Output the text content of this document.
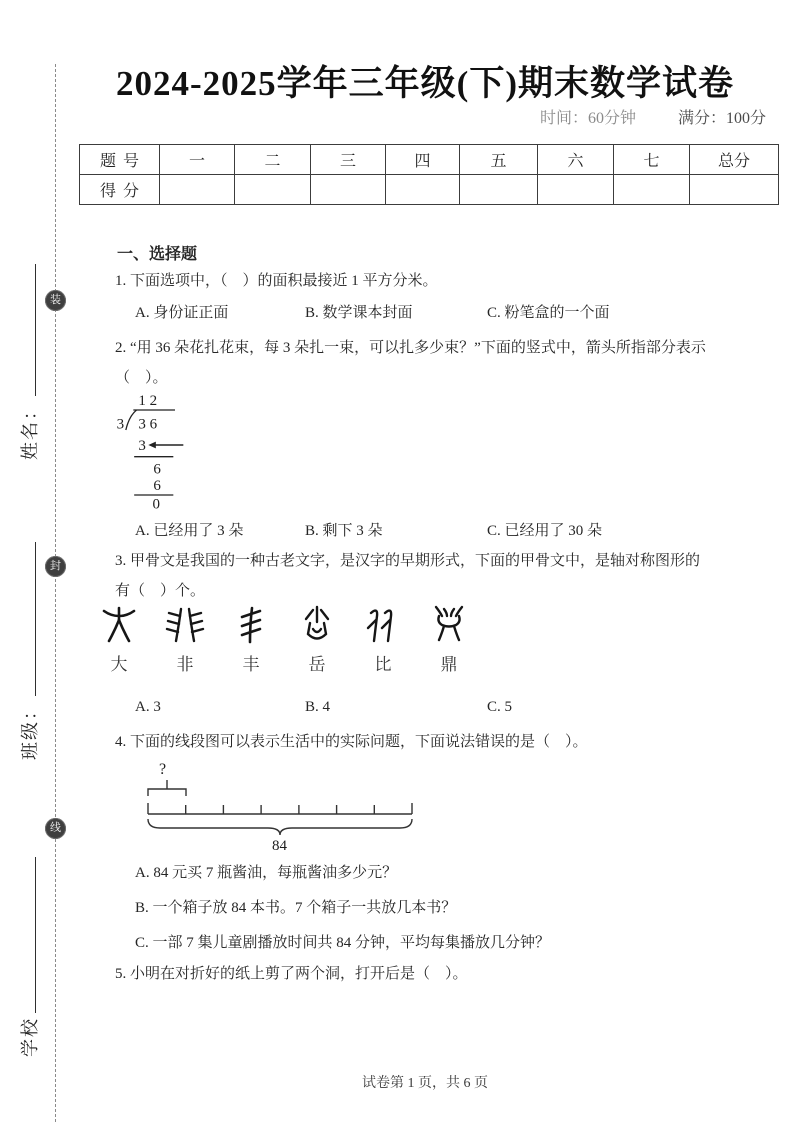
装
封
线
姓名：
班级：
学校
2024-2025学年三年级(下)期末数学试卷
时间：60分钟	满分：100分
题号	一	二	三	四	五	六	七	总分
得分								
一、选择题
1. 下面选项中，（　）的面积最接近 1 平方分米。
A. 身份证正面	B. 数学课本封面	C. 粉笔盒的一个面
2. “用 36 朵花扎花束，每 3 朵扎一束，可以扎多少束？”下面的竖式中，箭头所指部分表示
（　）。
1 2
3 3 6
3
6
6
0
A. 已经用了 3 朵	B. 剩下 3 朵	C. 已经用了 30 朵
3. 甲骨文是我国的一种古老文字，是汉字的早期形式，下面的甲骨文中，是轴对称图形的
有（　）个。
大	非	丰	岳	比	鼎
A. 3	B. 4	C. 5
4. 下面的线段图可以表示生活中的实际问题，下面说法错误的是（　）。
?
84
A. 84 元买 7 瓶酱油，每瓶酱油多少元？
B. 一个箱子放 84 本书。7 个箱子一共放几本书？
C. 一部 7 集儿童剧播放时间共 84 分钟，平均每集播放几分钟？
5. 小明在对折好的纸上剪了两个洞，打开后是（　）。
试卷第 1 页，共 6 页
